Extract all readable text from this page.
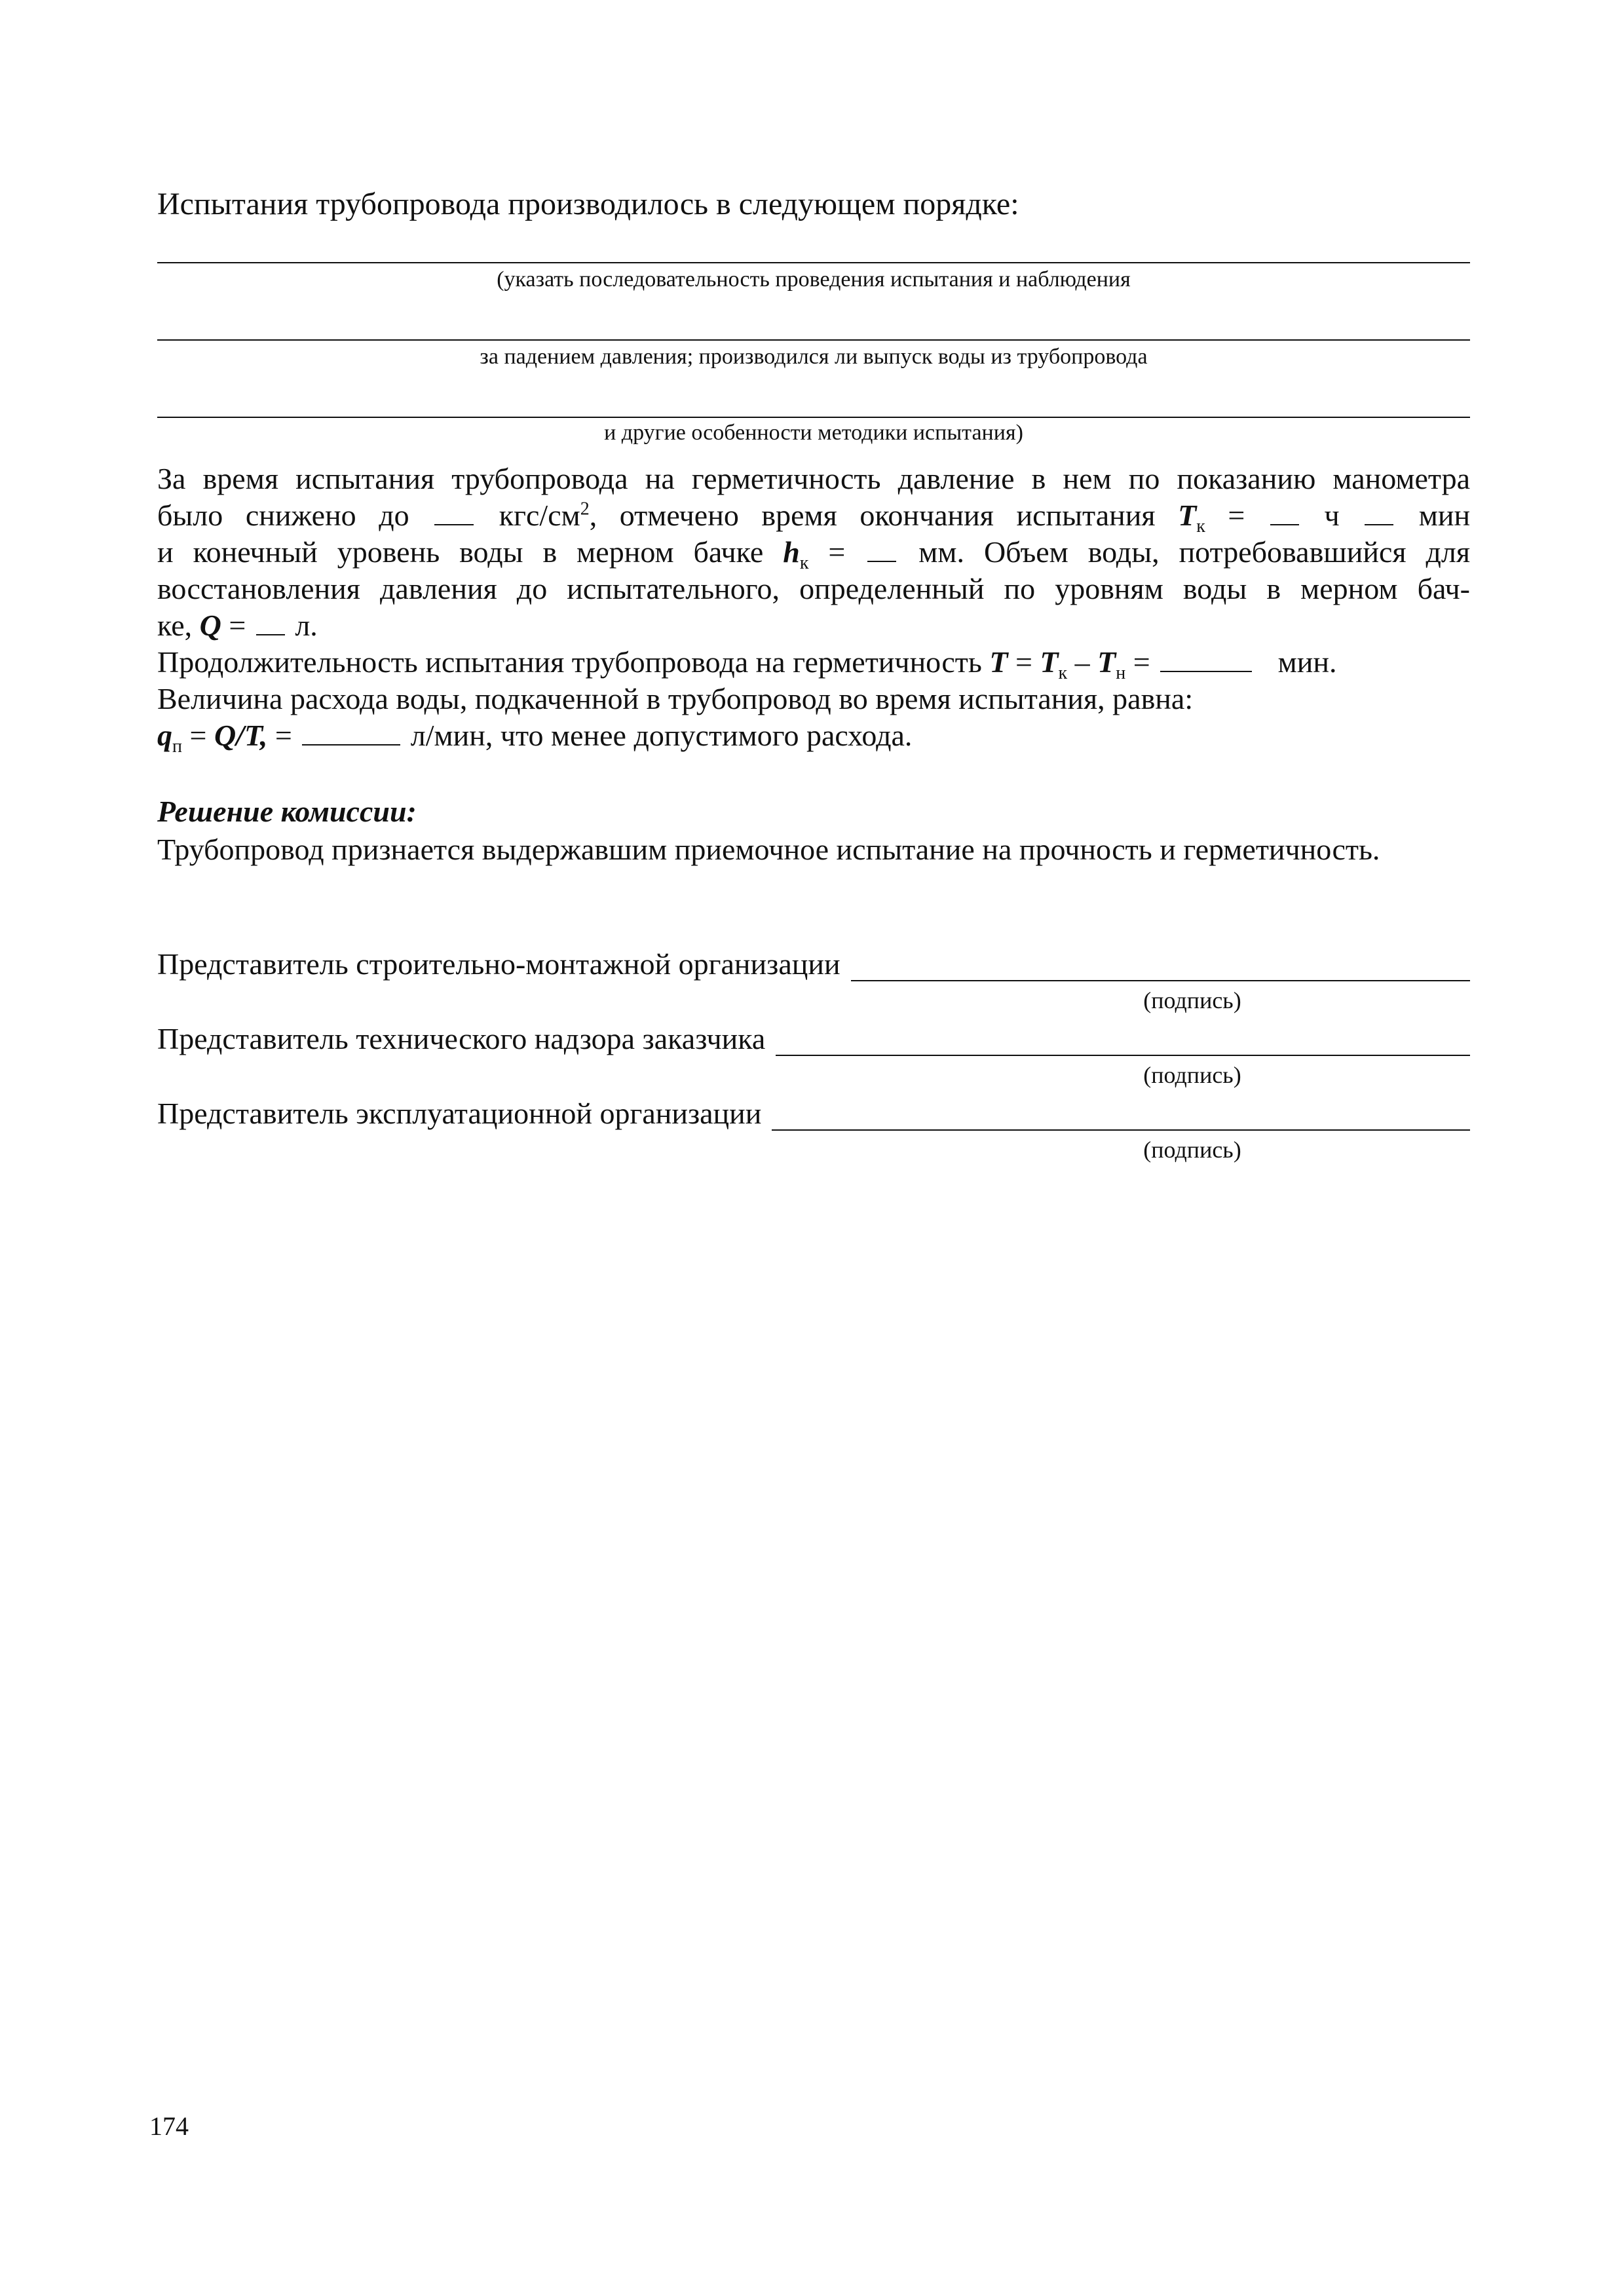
Испытания трубопровода производилось в следующем порядке:
(указать последовательность проведения испытания и наблюдения
за падением давления; производился ли выпуск воды из трубопровода
и другие особенности методики испытания)
За время испытания трубопровода на герметичность давление в нем по показанию манометра
было снижено до	кгс/$см^2$, отмечено время окончания испытания $T_к$ =	ч	мин
и конечный уровень воды в мерном бачке $h_к$ = мм. Объем воды, потребовавшийся для
восстановления давления до испытательного, определенный по уровням воды в мерном бач-
ке, Q = л.
Продолжительность испытания трубопровода на герметичность $T = T_к - T_н$ =	мин.
Величина расхода воды, подкаченной в трубопровод во время испытания, равна:
$q_п = Q/T$, =	л/мин, что менее допустимого расхода.
Решение комиссии:
Трубопровод признается выдержавшим приемочное испытание на прочность и герметичность.
Представитель строительно-монтажной организации
(подпись)
Представитель технического надзора заказчика
(подпись)
Представитель эксплуатационной организации
(подпись)
174
